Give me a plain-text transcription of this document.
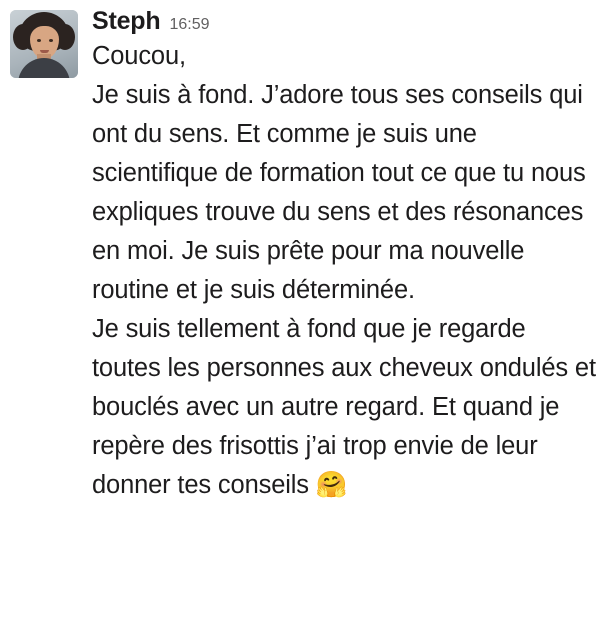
Steph 16:59

Coucou,

Je suis à fond. J’adore tous ses conseils qui ont du sens. Et comme je suis une scientifique de formation tout ce que tu nous expliques trouve du sens et des résonances en moi. Je suis prête pour ma nouvelle routine et je suis déterminée.

Je suis tellement à fond que je regarde toutes les personnes aux cheveux ondulés et bouclés avec un autre regard. Et quand je repère des frisottis j’ai trop envie de leur donner tes conseils 🤗
